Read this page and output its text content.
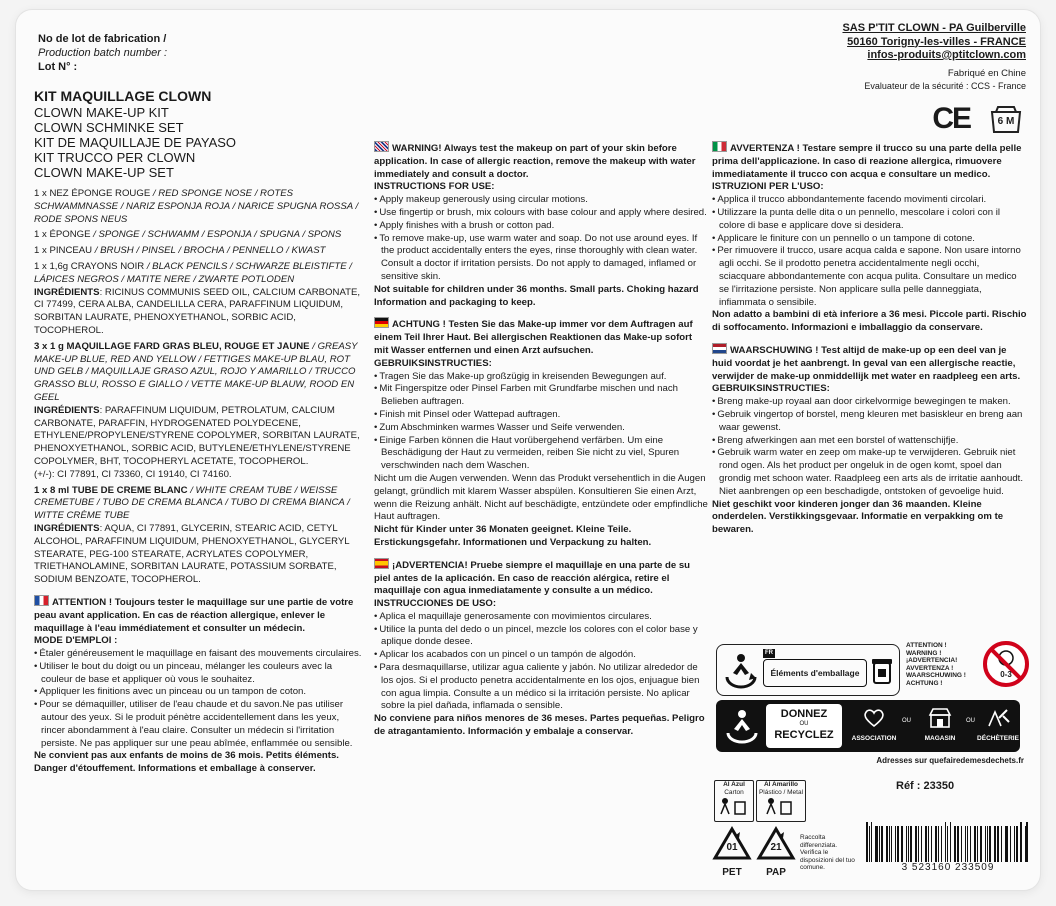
No de lot de fabrication /
Production batch number :
Lot N° :
KIT MAQUILLAGE CLOWN
CLOWN MAKE-UP KIT
CLOWN SCHMINKE SET
KIT DE MAQUILLAJE DE PAYASO
KIT TRUCCO PER CLOWN
CLOWN MAKE-UP SET

1 x NEZ ÉPONGE ROUGE / RED SPONGE NOSE / ROTES SCHWAMMNASSE / NARIZ ESPONJA ROJA / NARICE SPUGNA ROSSA / RODE SPONS NEUS

1 x ÉPONGE / SPONGE / SCHWAMM / ESPONJA / SPUGNA / SPONS

1 x PINCEAU / BRUSH / PINSEL / BROCHA / PENNELLO / KWAST

1 x 1,6g CRAYONS NOIR / BLACK PENCILS / SCHWARZE BLEISTIFTE / LÁPICES NEGROS / MATITE NERE / ZWARTE POTLODEN

INGRÉDIENTS: RICINUS COMMUNIS SEED OIL, CALCIUM CARBONATE, CI 77499, CERA ALBA, CANDELILLA CERA, PARAFFINUM LIQUIDUM, SORBITAN LAURATE, PHENOXYETHANOL, SORBIC ACID, TOCOPHEROL.

3 x 1 g MAQUILLAGE FARD GRAS BLEU, ROUGE ET JAUNE / GREASY MAKE-UP BLUE, RED AND YELLOW / FETTIGES MAKE-UP BLAU, ROT UND GELB / MAQUILLAJE GRASO AZUL, ROJO Y AMARILLO / TRUCCO GRASSO BLU, ROSSO E GIALLO / VETTE MAKE-UP BLAUW, ROOD EN GEEL

INGRÉDIENTS: PARAFFINUM LIQUIDUM, PETROLATUM, CALCIUM CARBONATE, PARAFFIN, HYDROGENATED POLYDECENE, ETHYLENE/PROPYLENE/STYRENE COPOLYMER, SORBITAN LAURATE, PHENOXYETHANOL, SORBIC ACID, BUTYLENE/ETHYLENE/STYRENE COPOLYMER, BHT, TOCOPHERYL ACETATE, TOCOPHEROL.

(+/-): CI 77891, CI 73360, CI 19140, CI 74160.

1 x 8 ml TUBE DE CREME BLANC / WHITE CREAM TUBE / WEISSE CREMETUBE / TUBO DE CREMA BLANCA / TUBO DI CREMA BIANCA / WITTE CRÈME TUBE

INGRÉDIENTS: AQUA, CI 77891, GLYCERIN, STEARIC ACID, CETYL ALCOHOL, PARAFFINUM LIQUIDUM, PHENOXYETHANOL, GLYCERYL STEARATE, PEG-100 STEARATE, ACRYLATES COPOLYMER, TRIETHANOLAMINE, SORBITAN LAURATE, POTASSIUM SORBATE, SODIUM BENZOATE, TOCOPHEROL.

ATTENTION ! Toujours tester le maquillage sur une partie de votre peau avant application. En cas de réaction allergique, enlever le maquillage à l'eau immédiatement et consulter un médecin.

MODE D'EMPLOI :

• Étaler généreusement le maquillage en faisant des mouvements circulaires.
• Utiliser le bout du doigt ou un pinceau, mélanger les couleurs avec la couleur de base et appliquer où vous le souhaitez.
• Appliquer les finitions avec un pinceau ou un tampon de coton.
• Pour se démaquiller, utiliser de l'eau chaude et du savon.Ne pas utiliser autour des yeux. Si le produit pénètre accidentellement dans les yeux, rincer abondamment à l'eau claire. Consulter un médecin si l'irritation persiste. Ne pas appliquer sur une peau abîmée, enflammée ou sensible.

Ne convient pas aux enfants de moins de 36 mois. Petits éléments. Danger d'étouffement. Informations et emballage à conserver.

WARNING! Always test the makeup on part of your skin before application. In case of allergic reaction, remove the makeup with water immediately and consult a doctor.

INSTRUCTIONS FOR USE:

• Apply makeup generously using circular motions.
• Use fingertip or brush, mix colours with base colour and apply where desired.
• Apply finishes with a brush or cotton pad.
• To remove make-up, use warm water and soap. Do not use around eyes. If the product accidentally enters the eyes, rinse thoroughly with clean water. Consult a doctor if irritation persists. Do not apply to damaged, inflamed or sensitive skin.

Not suitable for children under 36 months. Small parts. Choking hazard Information and packaging to keep.

ACHTUNG ! Testen Sie das Make-up immer vor dem Auftragen auf einem Teil Ihrer Haut. Bei allergischen Reaktionen das Make-up sofort mit Wasser entfernen und einen Arzt aufsuchen.

GEBRUIKSINSTRUCTIES:

• Tragen Sie das Make-up großzügig in kreisenden Bewegungen auf.
• Mit Fingerspitze oder Pinsel Farben mit Grundfarbe mischen und nach Belieben auftragen.
• Finish mit Pinsel oder Wattepad auftragen.
• Zum Abschminken warmes Wasser und Seife verwenden.
• Einige Farben können die Haut vorübergehend verfärben. Um eine Beschädigung der Haut zu vermeiden, reiben Sie nicht zu viel, Spuren verschwinden nach dem Waschen.

Nicht um die Augen verwenden. Wenn das Produkt versehentlich in die Augen gelangt, gründlich mit klarem Wasser abspülen. Konsultieren Sie einen Arzt, wenn die Reizung anhält. Nicht auf beschädigte, entzündete oder empfindliche Haut auftragen.

Nicht für Kinder unter 36 Monaten geeignet. Kleine Teile. Erstickungsgefahr. Informationen und Verpackung zu halten.

¡ADVERTENCIA! Pruebe siempre el maquillaje en una parte de su piel antes de la aplicación. En caso de reacción alérgica, retire el maquillaje con agua inmediatamente y consulte a un médico.

INSTRUCCIONES DE USO:

• Aplica el maquillaje generosamente con movimientos circulares.
• Utilice la punta del dedo o un pincel, mezcle los colores con el color base y aplique donde desee.
• Aplicar los acabados con un pincel o un tampón de algodón.
• Para desmaquillarse, utilizar agua caliente y jabón. No utilizar alrededor de los ojos. Si el producto penetra accidentalmente en los ojos, enjuague bien con agua limpia. Consulte a un médico si la irritación persiste. No aplicar sobre la piel dañada, inflamada o sensible.

No conviene para niños menores de 36 meses. Partes pequeñas. Peligro de atragantamiento. Información y embalaje a conservar.

SAS P'TIT CLOWN - PA Guilberville
50160 Torigny-les-villes - FRANCE
infos-produits@ptitclown.com
Fabriqué en Chine
Evaluateur de la sécurité : CCS - France
CE	6 M

AVVERTENZA ! Testare sempre il trucco su una parte della pelle prima dell'applicazione. In caso di reazione allergica, rimuovere immediatamente il trucco con acqua e consultare un medico.

ISTRUZIONI PER L'USO:

• Applica il trucco abbondantemente facendo movimenti circolari.
• Utilizzare la punta delle dita o un pennello, mescolare i colori con il colore di base e applicare dove si desidera.
• Applicare le finiture con un pennello o un tampone di cotone.
• Per rimuovere il trucco, usare acqua calda e sapone. Non usare intorno agli occhi. Se il prodotto penetra accidentalmente negli occhi, sciacquare abbondantemente con acqua pulita. Consultare un medico se l'irritazione persiste. Non applicare sulla pelle danneggiata, infiammata o sensibile.

Non adatto a bambini di età inferiore a 36 mesi. Piccole parti. Rischio di soffocamento. Informazioni e imballaggio da conservare.

WAARSCHUWING ! Test altijd de make-up op een deel van je huid voordat je het aanbrengt. In geval van een allergische reactie, verwijder de make-up onmiddellijk met water en raadpleeg een arts.

GEBRUIKSINSTRUCTIES:

• Breng make-up royaal aan door cirkelvormige bewegingen te maken.
• Gebruik vingertop of borstel, meng kleuren met basiskleur en breng aan waar gewenst.
• Breng afwerkingen aan met een borstel of wattenschijfje.
• Gebruik warm water en zeep om make-up te verwijderen. Gebruik niet rond ogen. Als het product per ongeluk in de ogen komt, spoel dan grondig met schoon water. Raadpleeg een arts als de irritatie aanhoudt. Niet aanbrengen op een beschadigde, ontstoken of gevoelige huid.

Niet geschikt voor kinderen jonger dan 36 maanden. Kleine onderdelen. Verstikkingsgevaar. Informatie en verpakking om te bewaren.

FR
Éléments d'emballage
ATTENTION !
WARNING !
¡ADVERTENCIA!
AVVERTENZA !
WAARSCHUWING !
ACHTUNG !
0-3
DONNEZ
OU
RECYCLEZ	ASSOCIATION
OU
MAGASIN
OU
DÉCHÈTERIE
Adresses sur quefairedemesdechets.fr
Al Azul
Carton
Al Amarillo
Plástico / Metal	Réf : 23350
01
PET
21
PAP
Raccolta differenziata. Verifica le disposizioni del tuo comune.	3 523160 233509
